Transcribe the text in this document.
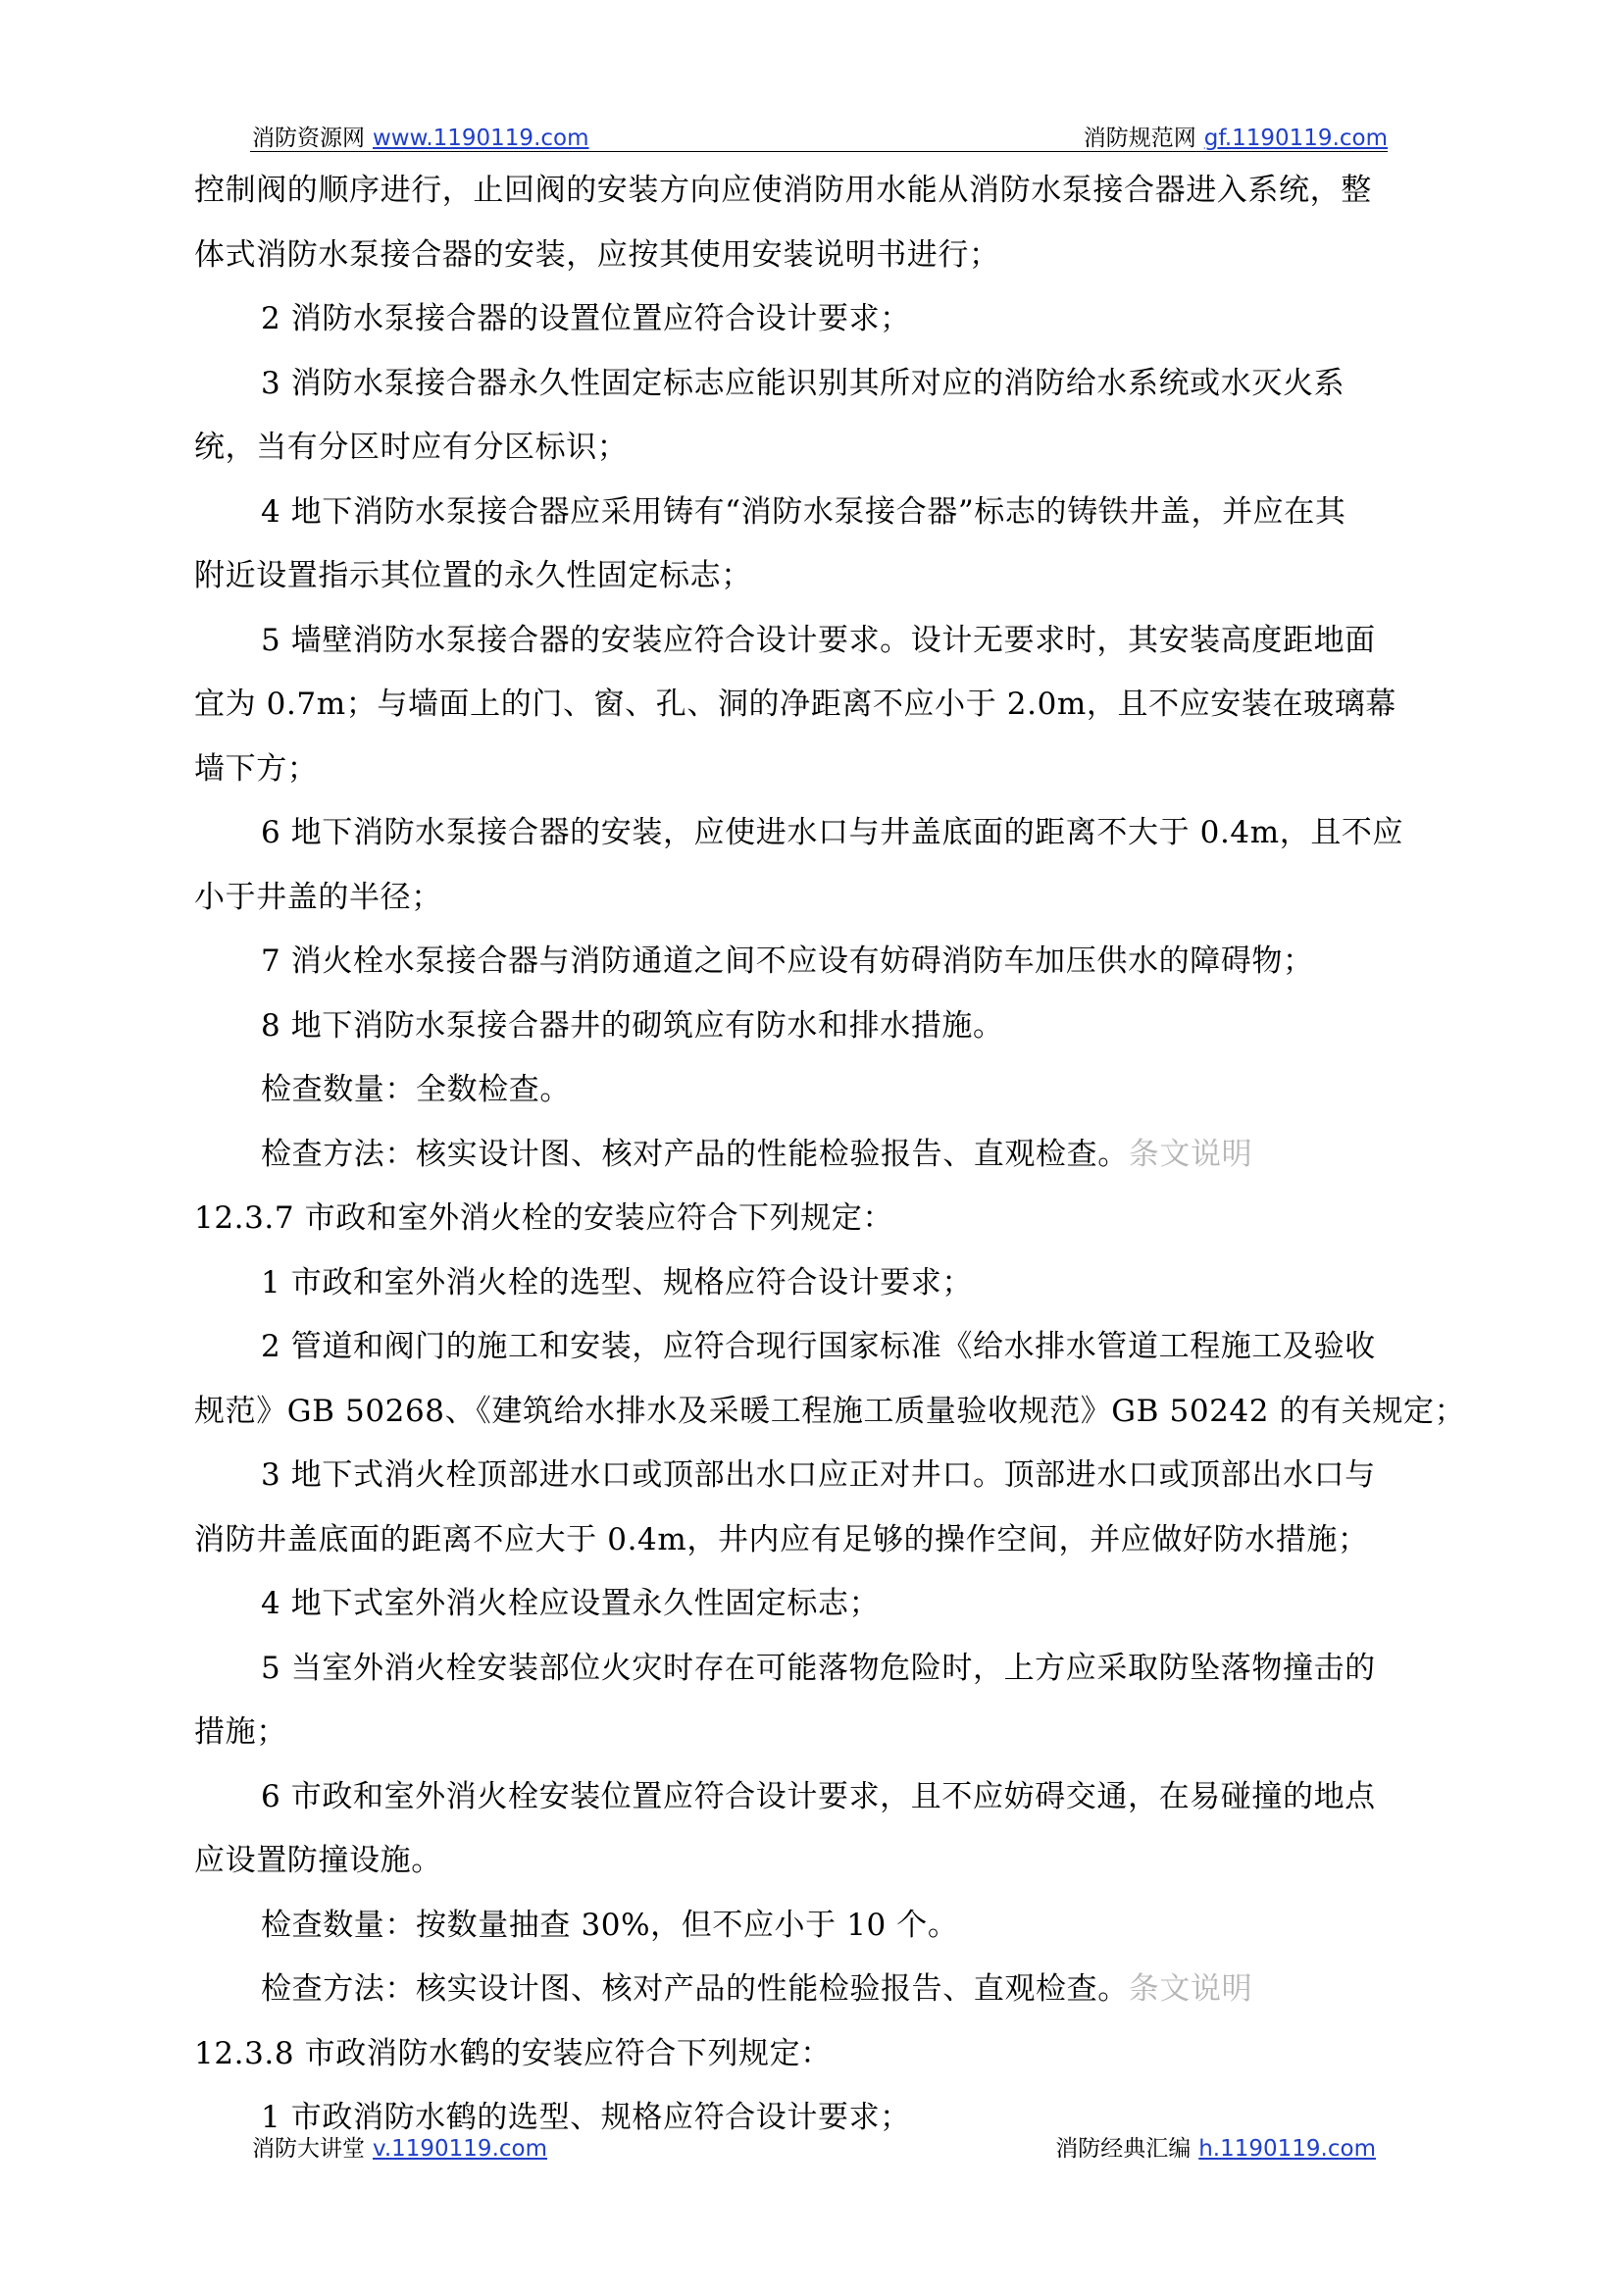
消防资源网 www.1190119.com	消防规范网 gf.1190119.com
控制阀的顺序进行，止回阀的安装方向应使消防用水能从消防水泵接合器进入系统，整
体式消防水泵接合器的安装，应按其使用安装说明书进行；
2 消防水泵接合器的设置位置应符合设计要求；
3 消防水泵接合器永久性固定标志应能识别其所对应的消防给水系统或水灭火系
统，当有分区时应有分区标识；
4 地下消防水泵接合器应采用铸有“消防水泵接合器”标志的铸铁井盖，并应在其
附近设置指示其位置的永久性固定标志；
5 墙壁消防水泵接合器的安装应符合设计要求。设计无要求时，其安装高度距地面
宜为 0.7m；与墙面上的门、窗、孔、洞的净距离不应小于 2.0m，且不应安装在玻璃幕
墙下方；
6 地下消防水泵接合器的安装，应使进水口与井盖底面的距离不大于 0.4m，且不应
小于井盖的半径；
7 消火栓水泵接合器与消防通道之间不应设有妨碍消防车加压供水的障碍物；
8 地下消防水泵接合器井的砌筑应有防水和排水措施。
检查数量：全数检查。
检查方法：核实设计图、核对产品的性能检验报告、直观检查。条文说明
12.3.7 市政和室外消火栓的安装应符合下列规定：
1 市政和室外消火栓的选型、规格应符合设计要求；
2 管道和阀门的施工和安装，应符合现行国家标准《给水排水管道工程施工及验收
规范》GB 50268、《建筑给水排水及采暖工程施工质量验收规范》GB 50242 的有关规定；
3 地下式消火栓顶部进水口或顶部出水口应正对井口。顶部进水口或顶部出水口与
消防井盖底面的距离不应大于 0.4m，井内应有足够的操作空间，并应做好防水措施；
4 地下式室外消火栓应设置永久性固定标志；
5 当室外消火栓安装部位火灾时存在可能落物危险时，上方应采取防坠落物撞击的
措施；
6 市政和室外消火栓安装位置应符合设计要求，且不应妨碍交通，在易碰撞的地点
应设置防撞设施。
检查数量：按数量抽查 30%，但不应小于 10 个。
检查方法：核实设计图、核对产品的性能检验报告、直观检查。条文说明
12.3.8 市政消防水鹤的安装应符合下列规定：
1 市政消防水鹤的选型、规格应符合设计要求；
消防大讲堂 v.1190119.com	消防经典汇编 h.1190119.com
